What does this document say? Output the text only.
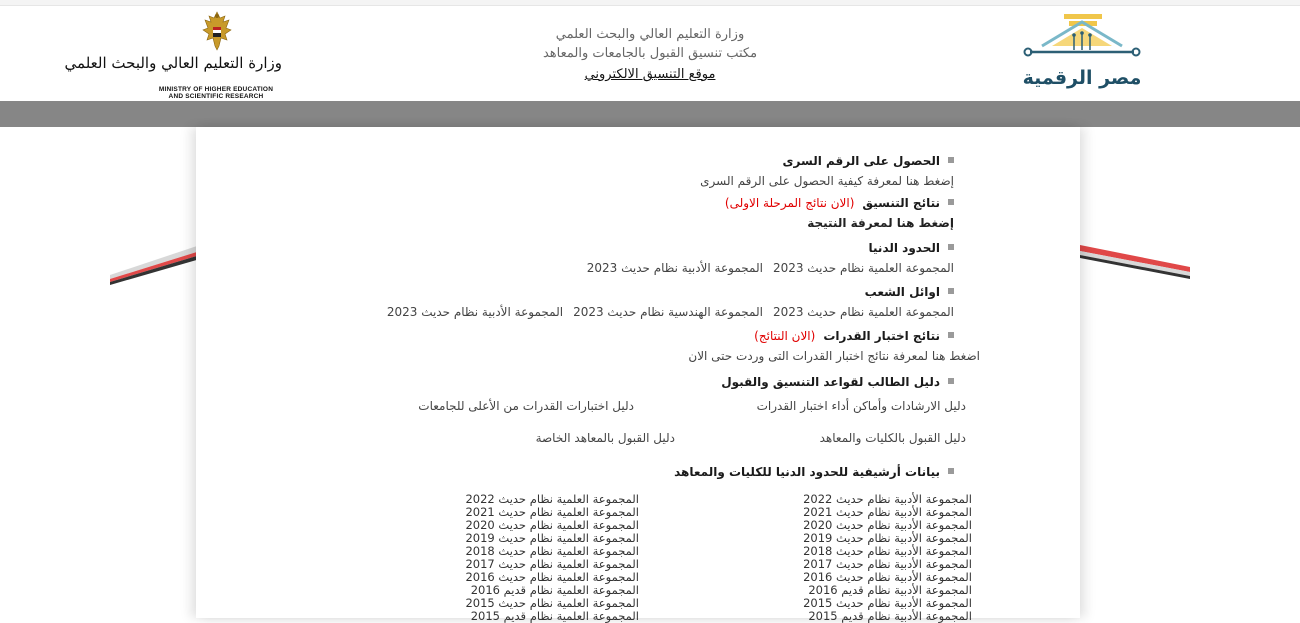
وزارة التعليم العالي والبحث العلمي
MINISTRY OF HIGHER EDUCATION
AND SCIENTIFIC RESEARCH
وزارة التعليم العالي والبحث العلمي
مكتب تنسيق القبول بالجامعات والمعاهد
موقع التنسيق الالكتروني	مصر الرقمية
الحصول على الرقم السرى
إضغط هنا لمعرفة كيفية الحصول على الرقم السرى
نتائج التنسيق(الان نتائج المرحلة الاولى)
إضغط هنا لمعرفة النتيجة
الحدود الدنيا
المجموعة العلمية نظام حديث 2023المجموعة الأدبية نظام حديث 2023
اوائل الشعب
المجموعة العلمية نظام حديث 2023المجموعة الهندسية نظام حديث 2023المجموعة الأدبية نظام حديث 2023
نتائج اختبار القدرات(الان النتائج)
اضغط هنا لمعرفة نتائج اختبار القدرات التى وردت حتى الان
دليل الطالب لقواعد التنسيق والقبول
دليل الارشادات وأماكن أداء اختبار القدرات
دليل اختبارات القدرات من الأعلى للجامعات
دليل القبول بالكليات والمعاهد
دليل القبول بالمعاهد الخاصة
بيانات أرشيفية للحدود الدنيا للكليات والمعاهد
المجموعة الأدبية نظام حديث 2022
المجموعة الأدبية نظام حديث 2021
المجموعة الأدبية نظام حديث 2020
المجموعة الأدبية نظام حديث 2019
المجموعة الأدبية نظام حديث 2018
المجموعة الأدبية نظام حديث 2017
المجموعة الأدبية نظام حديث 2016
المجموعة الأدبية نظام قديم 2016
المجموعة الأدبية نظام حديث 2015
المجموعة الأدبية نظام قديم 2015
المجموعة العلمية نظام حديث 2022
المجموعة العلمية نظام حديث 2021
المجموعة العلمية نظام حديث 2020
المجموعة العلمية نظام حديث 2019
المجموعة العلمية نظام حديث 2018
المجموعة العلمية نظام حديث 2017
المجموعة العلمية نظام حديث 2016
المجموعة العلمية نظام قديم 2016
المجموعة العلمية نظام حديث 2015
المجموعة العلمية نظام قديم 2015
